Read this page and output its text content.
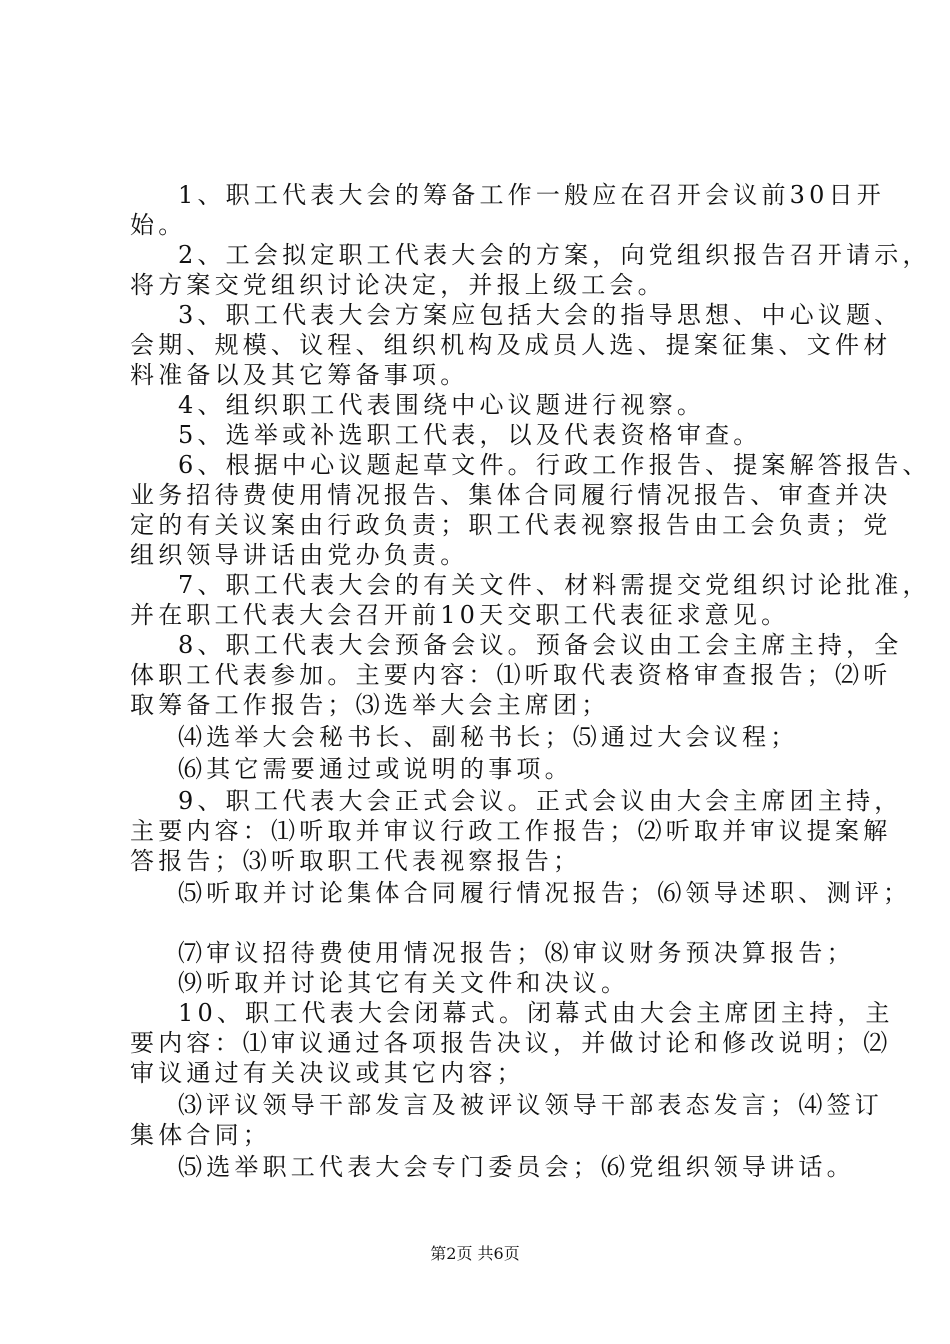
1、职工代表大会的筹备工作一般应在召开会议前30日开
始。
2、工会拟定职工代表大会的方案，向党组织报告召开请示，
将方案交党组织讨论决定，并报上级工会。
3、职工代表大会方案应包括大会的指导思想、中心议题、
会期、规模、议程、组织机构及成员人选、提案征集、文件材
料准备以及其它筹备事项。
4、组织职工代表围绕中心议题进行视察。
5、选举或补选职工代表，以及代表资格审查。
6、根据中心议题起草文件。行政工作报告、提案解答报告、
业务招待费使用情况报告、集体合同履行情况报告、审查并决
定的有关议案由行政负责；职工代表视察报告由工会负责；党
组织领导讲话由党办负责。
7、职工代表大会的有关文件、材料需提交党组织讨论批准，
并在职工代表大会召开前10天交职工代表征求意见。
8、职工代表大会预备会议。预备会议由工会主席主持，全
体职工代表参加。主要内容：⑴听取代表资格审查报告；⑵听
取筹备工作报告；⑶选举大会主席团；
⑷选举大会秘书长、副秘书长；⑸通过大会议程；
⑹其它需要通过或说明的事项。
9、职工代表大会正式会议。正式会议由大会主席团主持，
主要内容：⑴听取并审议行政工作报告；⑵听取并审议提案解
答报告；⑶听取职工代表视察报告；
⑸听取并讨论集体合同履行情况报告；⑹领导述职、测评；
⑺审议招待费使用情况报告；⑻审议财务预决算报告；
⑼听取并讨论其它有关文件和决议。
10、职工代表大会闭幕式。闭幕式由大会主席团主持，主
要内容：⑴审议通过各项报告决议，并做讨论和修改说明；⑵
审议通过有关决议或其它内容；
⑶评议领导干部发言及被评议领导干部表态发言；⑷签订
集体合同；
⑸选举职工代表大会专门委员会；⑹党组织领导讲话。
第2页 共6页
